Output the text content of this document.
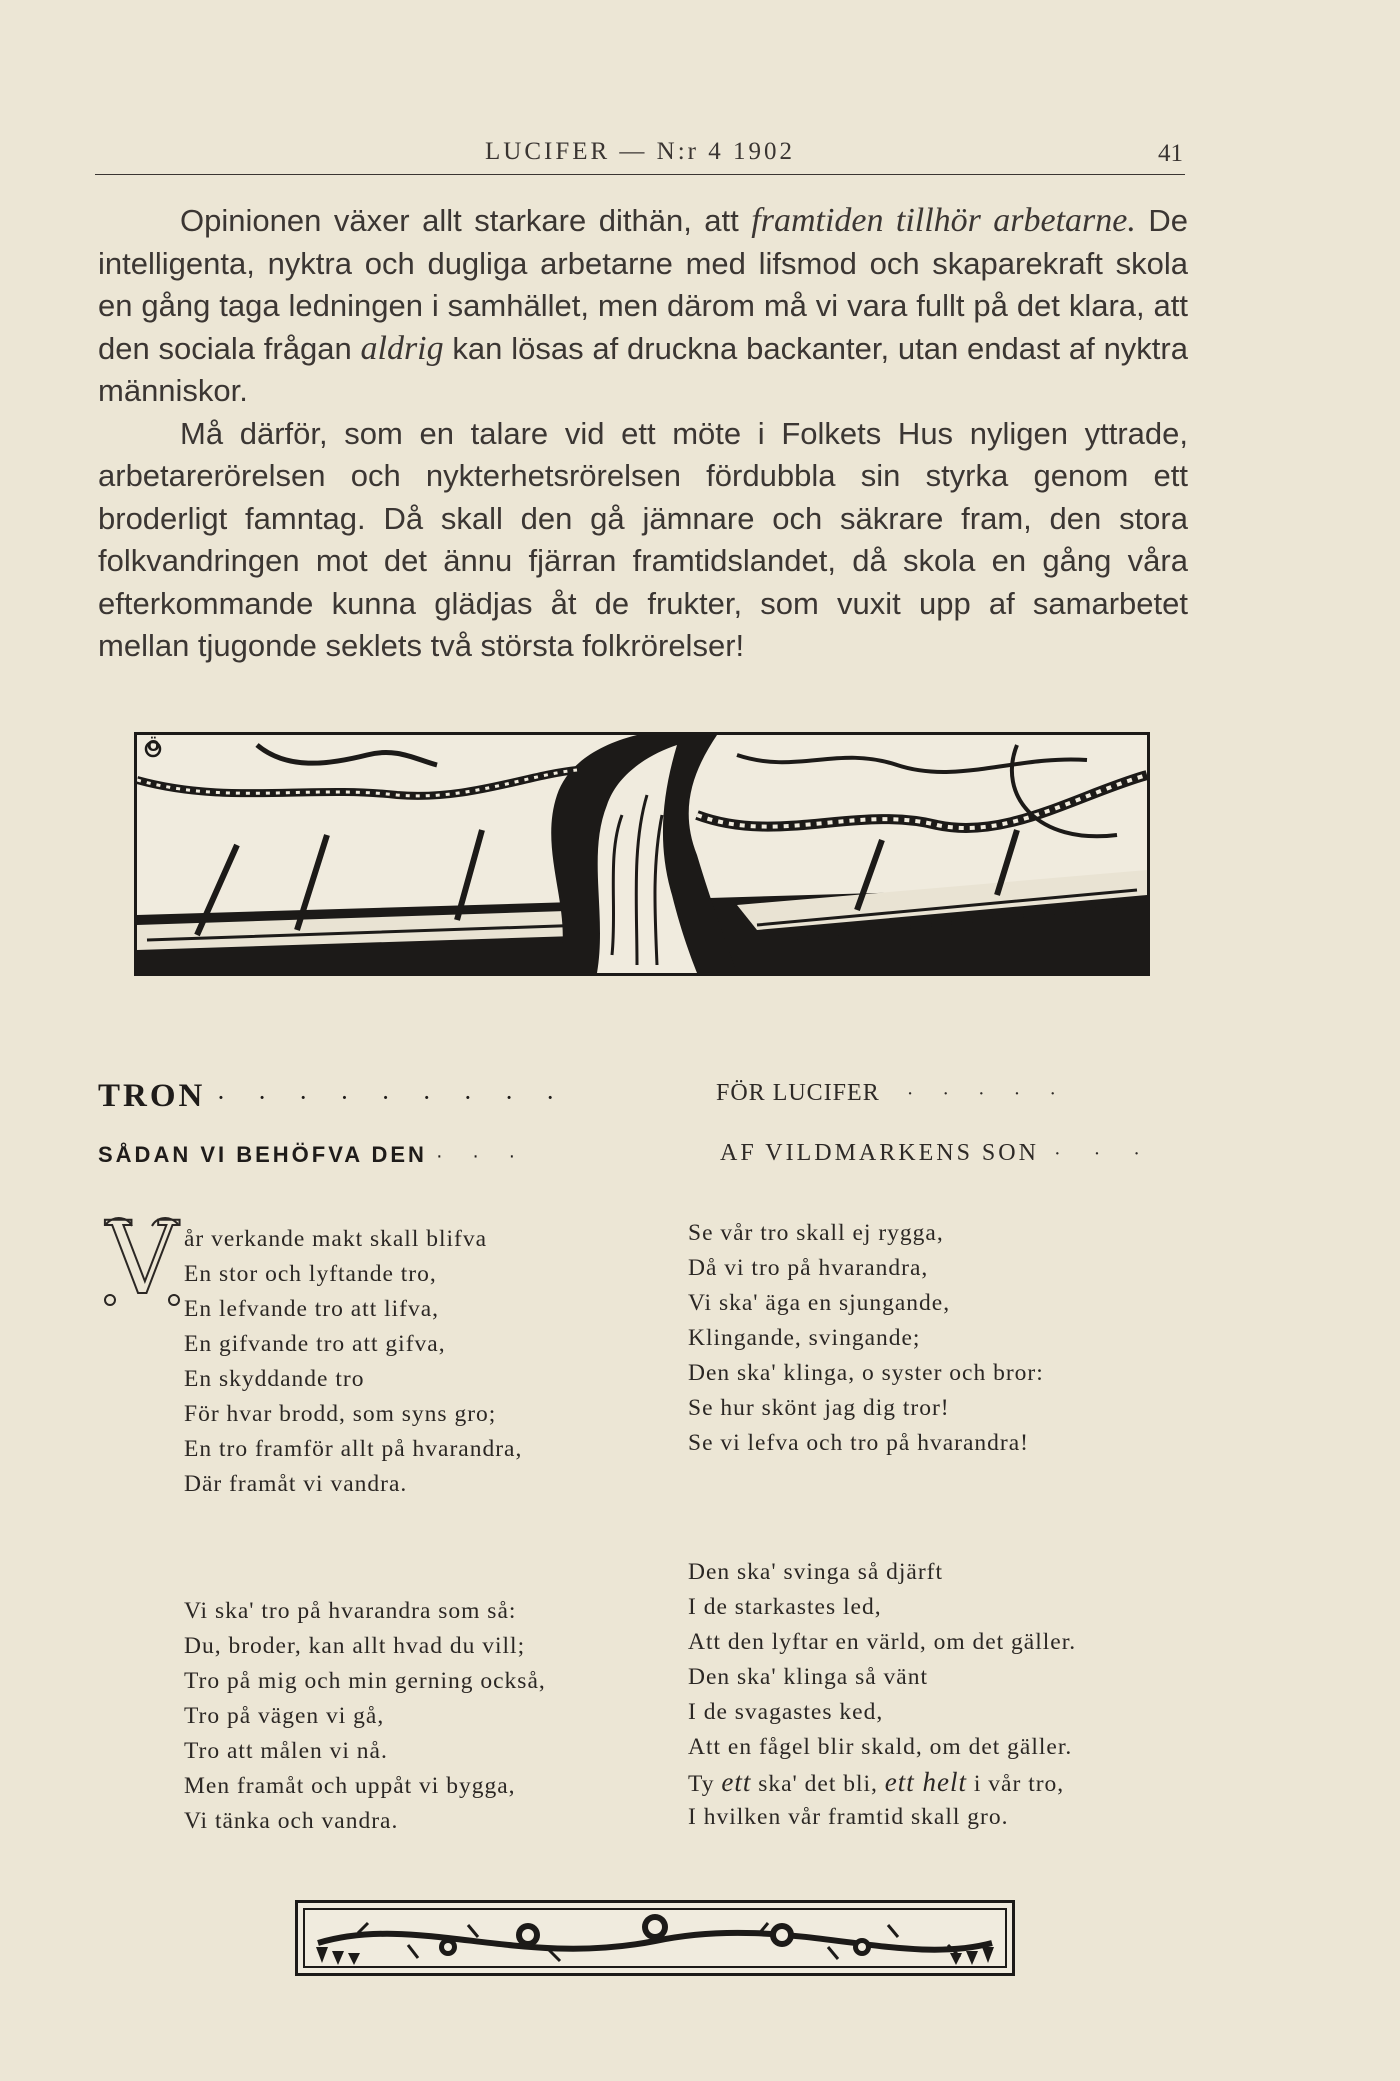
LUCIFER — N:r 4 1902	41

Opinionen växer allt starkare dithän, att framtiden tillhör arbetarne. De intelligenta, nyktra och dugliga arbetarne med lifsmod och skaparekraft skola en gång taga ledningen i samhället, men därom må vi vara fullt på det klara, att den sociala frågan aldrig kan lösas af druckna backanter, utan endast af nyktra människor.

Må därför, som en talare vid ett möte i Folkets Hus nyligen yttrade, arbetarerörelsen och nykterhetsrörelsen fördubbla sin styrka genom ett broderligt famntag. Då skall den gå jämnare och säkrare fram, den stora folkvandringen mot det ännu fjärran framtidslandet, då skola en gång våra efterkommande kunna glädjas åt de frukter, som vuxit upp af samarbetet mellan tjugonde seklets två största folkrörelser!

Ö
TRON · · · · · · · · ·
SÅDAN VI BEHÖFVA DEN · · ·
FÖR LUCIFER · · · · ·
AF VILDMARKENS SON · · ·
V år verkande makt skall blifva
En stor och lyftande tro,
En lefvande tro att lifva,
En gifvande tro att gifva,
En skyddande tro
För hvar brodd, som syns gro;
En tro framför allt på hvarandra,
Där framåt vi vandra.
Vi ska' tro på hvarandra som så:
Du, broder, kan allt hvad du vill;
Tro på mig och min gerning också,
Tro på vägen vi gå,
Tro att målen vi nå.
Men framåt och uppåt vi bygga,
Vi tänka och vandra.
Se vår tro skall ej rygga,
Då vi tro på hvarandra,
Vi ska' äga en sjungande,
Klingande, svingande;
Den ska' klinga, o syster och bror:
Se hur skönt jag dig tror!
Se vi lefva och tro på hvarandra!
Den ska' svinga så djärft
I de starkastes led,
Att den lyftar en värld, om det gäller.
Den ska' klinga så vänt
I de svagastes ked,
Att en fågel blir skald, om det gäller.
Ty ett ska' det bli, ett helt i vår tro,
I hvilken vår framtid skall gro.
